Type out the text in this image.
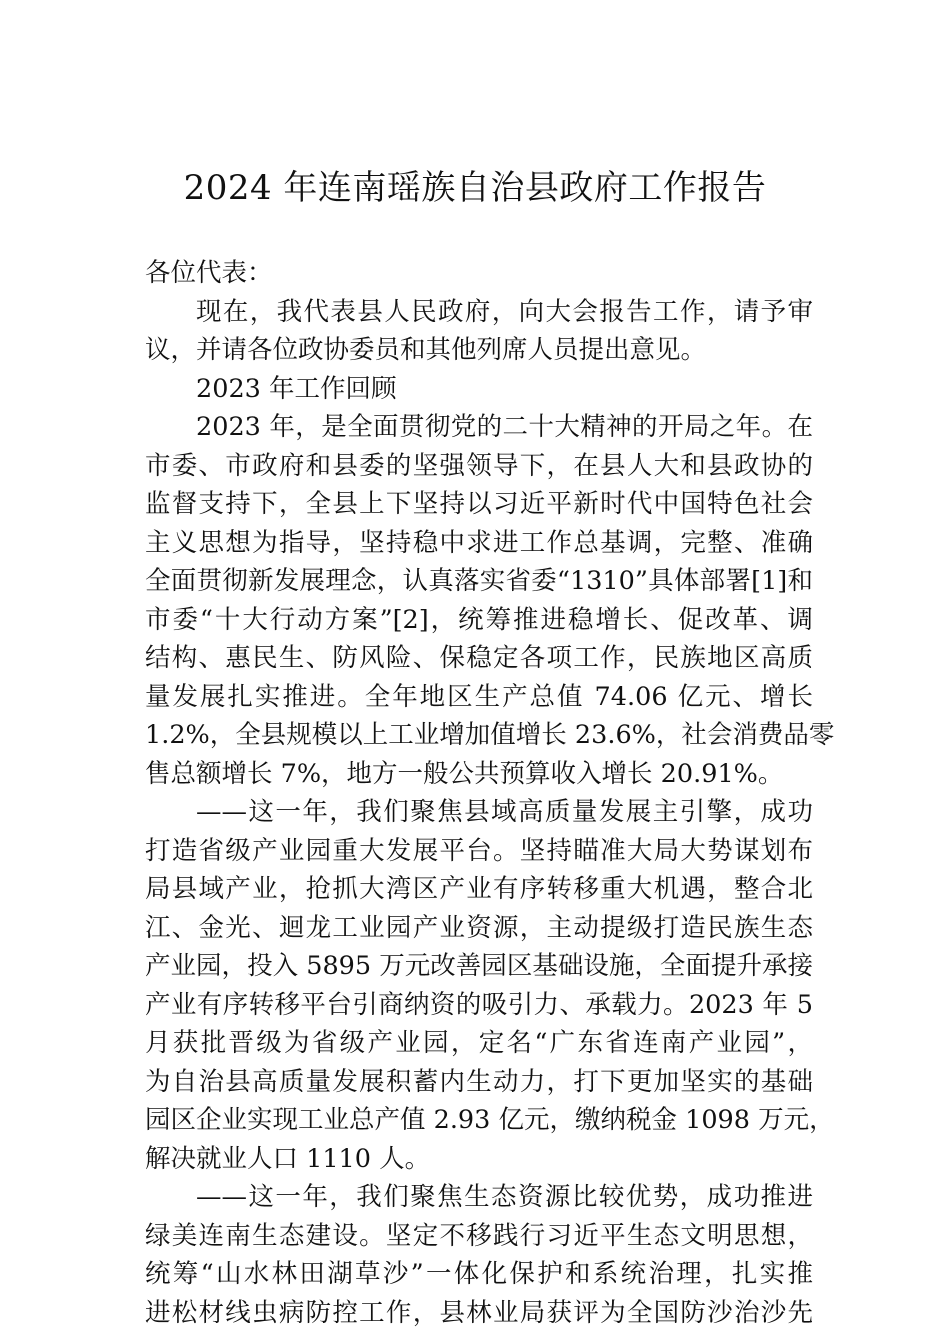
2024 年连南瑶族自治县政府工作报告
各位代表：
现在，我代表县人民政府，向大会报告工作，请予审
议，并请各位政协委员和其他列席人员提出意见。
2023 年工作回顾
2023 年，是全面贯彻党的二十大精神的开局之年。在
市委、市政府和县委的坚强领导下，在县人大和县政协的
监督支持下，全县上下坚持以习近平新时代中国特色社会
主义思想为指导，坚持稳中求进工作总基调，完整、准确
全面贯彻新发展理念，认真落实省委“1310”具体部署[1]和
市委“十大行动方案”[2]，统筹推进稳增长、促改革、调
结构、惠民生、防风险、保稳定各项工作，民族地区高质
量发展扎实推进。全年地区生产总值 74.06 亿元、增长
1.2%，全县规模以上工业增加值增长 23.6%，社会消费品零
售总额增长 7%，地方一般公共预算收入增长 20.91%。
——这一年，我们聚焦县域高质量发展主引擎，成功
打造省级产业园重大发展平台。坚持瞄准大局大势谋划布
局县域产业，抢抓大湾区产业有序转移重大机遇，整合北
江、金光、迴龙工业园产业资源，主动提级打造民族生态
产业园，投入 5895 万元改善园区基础设施，全面提升承接
产业有序转移平台引商纳资的吸引力、承载力。2023 年 5
月获批晋级为省级产业园，定名“广东省连南产业园”，
为自治县高质量发展积蓄内生动力，打下更加坚实的基础
园区企业实现工业总产值 2.93 亿元，缴纳税金 1098 万元，
解决就业人口 1110 人。
——这一年，我们聚焦生态资源比较优势，成功推进
绿美连南生态建设。坚定不移践行习近平生态文明思想，
统筹“山水林田湖草沙”一体化保护和系统治理，扎实推
进松材线虫病防控工作，县林业局获评为全国防沙治沙先
